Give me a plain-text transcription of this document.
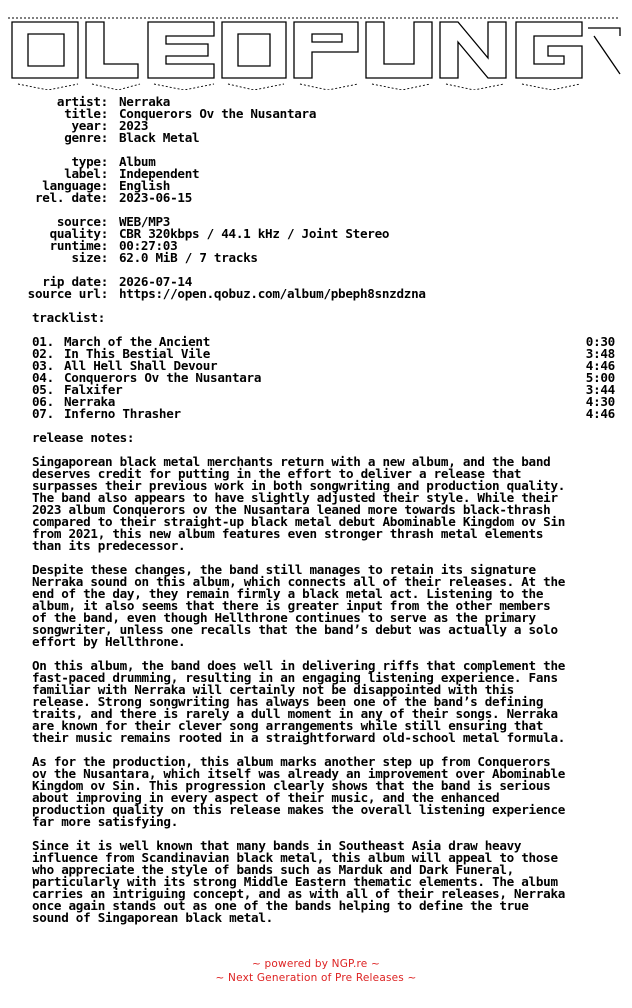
artist: Nerraka
title: Conquerors Ov the Nusantara
year: 2023
genre: Black Metal
type: Album
label: Independent
language: English
rel. date: 2023-06-15
source: WEB/MP3
quality: CBR 320kbps / 44.1 kHz / Joint Stereo
runtime: 00:27:03
size: 62.0 MiB / 7 tracks
rip date: 2026-07-14
source url: https://open.qobuz.com/album/pbeph8snzdzna
tracklist:
01. March of the Ancient	0:30
02. In This Bestial Vile	3:48
03. All Hell Shall Devour	4:46
04. Conquerors Ov the Nusantara	5:00
05. Falxifer	3:44
06. Nerraka	4:30
07. Inferno Thrasher	4:46
release notes:
Singaporean black metal merchants return with a new album, and the band
deserves credit for putting in the effort to deliver a release that
surpasses their previous work in both songwriting and production quality.
The band also appears to have slightly adjusted their style. While their
2023 album Conquerors ov the Nusantara leaned more towards black-thrash
compared to their straight-up black metal debut Abominable Kingdom ov Sin
from 2021, this new album features even stronger thrash metal elements
than its predecessor.
Despite these changes, the band still manages to retain its signature
Nerraka sound on this album, which connects all of their releases. At the
end of the day, they remain firmly a black metal act. Listening to the
album, it also seems that there is greater input from the other members
of the band, even though Hellthrone continues to serve as the primary
songwriter, unless one recalls that the band’s debut was actually a solo
effort by Hellthrone.
On this album, the band does well in delivering riffs that complement the
fast-paced drumming, resulting in an engaging listening experience. Fans
familiar with Nerraka will certainly not be disappointed with this
release. Strong songwriting has always been one of the band’s defining
traits, and there is rarely a dull moment in any of their songs. Nerraka
are known for their clever song arrangements while still ensuring that
their music remains rooted in a straightforward old-school metal formula.
As for the production, this album marks another step up from Conquerors
ov the Nusantara, which itself was already an improvement over Abominable
Kingdom ov Sin. This progression clearly shows that the band is serious
about improving in every aspect of their music, and the enhanced
production quality on this release makes the overall listening experience
far more satisfying.
Since it is well known that many bands in Southeast Asia draw heavy
influence from Scandinavian black metal, this album will appeal to those
who appreciate the style of bands such as Marduk and Dark Funeral,
particularly with its strong Middle Eastern thematic elements. The album
carries an intriguing concept, and as with all of their releases, Nerraka
once again stands out as one of the bands helping to define the true
sound of Singaporean black metal.
~ powered by NGP.re ~
~ Next Generation of Pre Releases ~
